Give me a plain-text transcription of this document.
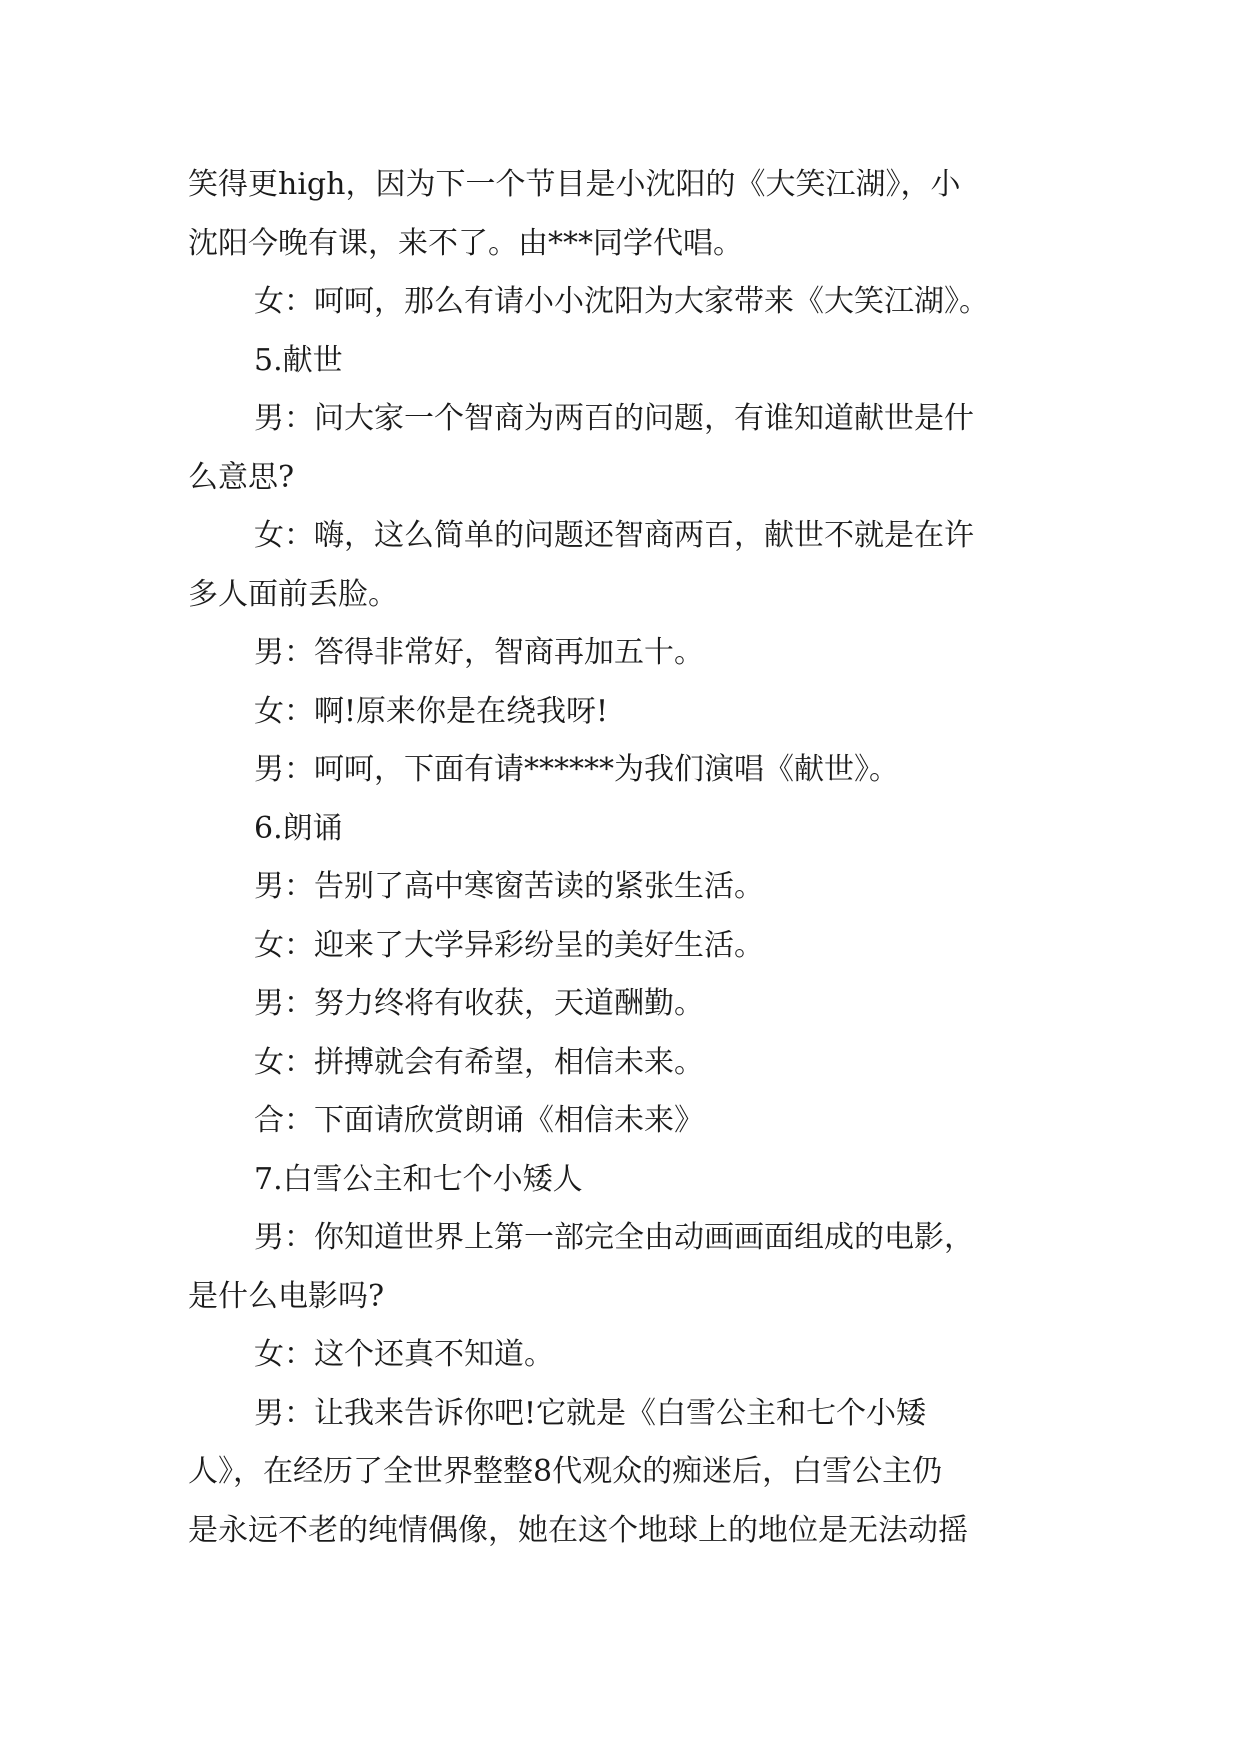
笑得更high，因为下一个节目是小沈阳的《大笑江湖》，小

沈阳今晚有课，来不了。由***同学代唱。

女：呵呵，那么有请小小沈阳为大家带来《大笑江湖》。

5.献世

男：问大家一个智商为两百的问题，有谁知道献世是什

么意思?

女：嗨，这么简单的问题还智商两百，献世不就是在许

多人面前丢脸。

男：答得非常好，智商再加五十。

女：啊!原来你是在绕我呀!

男：呵呵，下面有请******为我们演唱《献世》。

6.朗诵

男：告别了高中寒窗苦读的紧张生活。

女：迎来了大学异彩纷呈的美好生活。

男：努力终将有收获，天道酬勤。

女：拼搏就会有希望，相信未来。

合：下面请欣赏朗诵《相信未来》

7.白雪公主和七个小矮人

男：你知道世界上第一部完全由动画画面组成的电影，

是什么电影吗?

女：这个还真不知道。

男：让我来告诉你吧!它就是《白雪公主和七个小矮

人》，在经历了全世界整整8代观众的痴迷后，白雪公主仍

是永远不老的纯情偶像，她在这个地球上的地位是无法动摇
